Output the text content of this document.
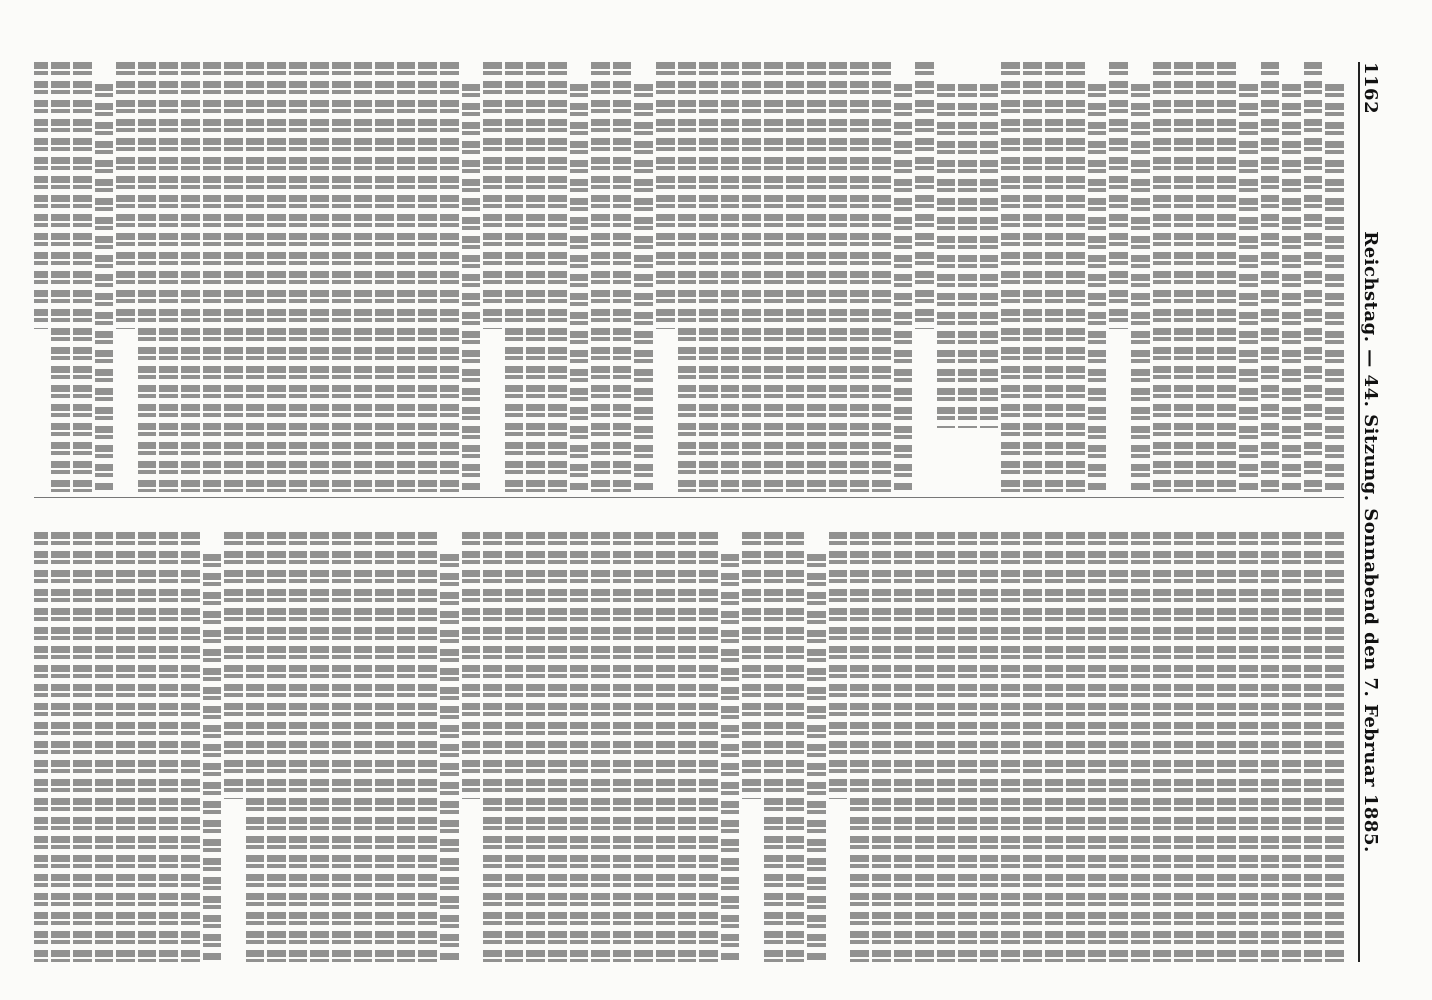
1162
Reichstag. — 44. Sitzung. Sonnabend den 7. Februar 1885.
